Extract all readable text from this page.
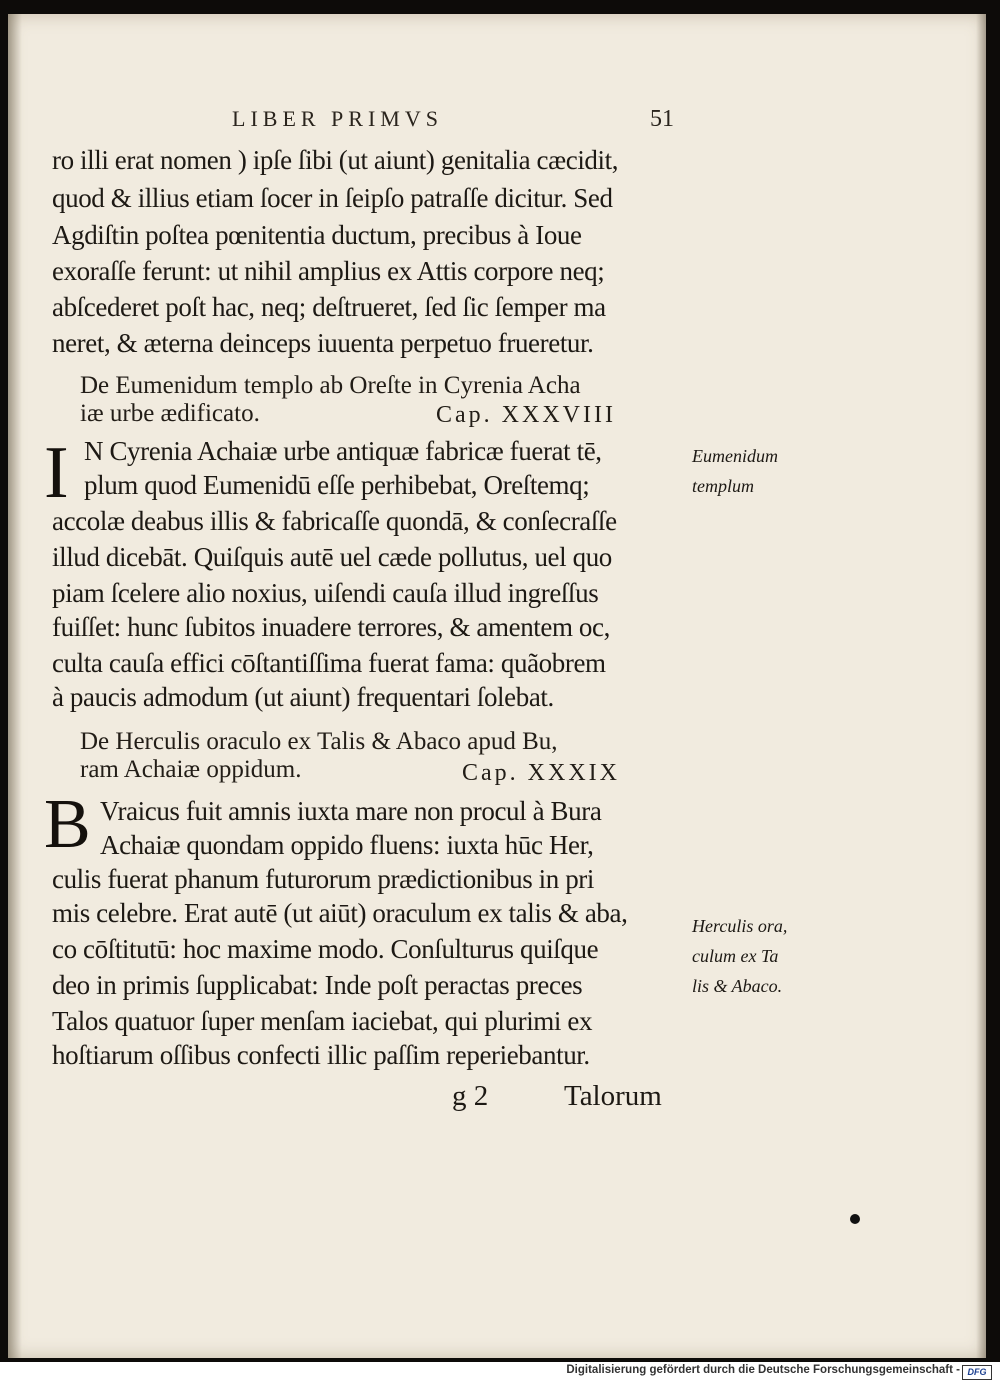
LIBER PRIMVS	51
ro illi erat nomen ) ipſe ſibi (ut aiunt) genitalia cæcidit,
quod & illius etiam ſocer in ſeipſo patraſſe dicitur. Sed
Agdiſtin poſtea pœnitentia ductum, precibus à Ioue
exoraſſe ferunt: ut nihil amplius ex Attis corpore neq;
abſcederet poſt hac, neq; deſtrueret, ſed ſic ſemper ma
neret, & æterna deinceps iuuenta perpetuo frueretur.
De Eumenidum templo ab Oreſte in Cyrenia Acha
iæ urbe ædificato.	Cap. XXXVIII
I N Cyrenia Achaiæ urbe antiquæ fabricæ fuerat tē,
plum quod Eumenidū eſſe perhibebat, Oreſtemq;
accolæ deabus illis & fabricaſſe quondā, & conſecraſſe
illud dicebāt. Quiſquis autē uel cæde pollutus, uel quo
piam ſcelere alio noxius, uiſendi cauſa illud ingreſſus
fuiſſet: hunc ſubitos inuadere terrores, & amentem oc,
culta cauſa effici cōſtantiſſima fuerat fama: quãobrem
à paucis admodum (ut aiunt) frequentari ſolebat.
Eumenidum
templum
De Herculis oraculo ex Talis & Abaco apud Bu,
ram Achaiæ oppidum.	Cap. XXXIX
B Vraicus fuit amnis iuxta mare non procul à Bura
Achaiæ quondam oppido fluens: iuxta hūc Her,
culis fuerat phanum futurorum prædictionibus in pri
mis celebre. Erat autē (ut aiūt) oraculum ex talis & aba,
co cōſtitutū: hoc maxime modo. Conſulturus quiſque
deo in primis ſupplicabat: Inde poſt peractas preces
Talos quatuor ſuper menſam iaciebat, qui plurimi ex
hoſtiarum oſſibus confecti illic paſſim reperiebantur.
Herculis ora,
culum ex Ta
lis & Abaco.
g 2	Talorum
Digitalisierung gefördert durch die Deutsche Forschungsgemeinschaft - DFG
